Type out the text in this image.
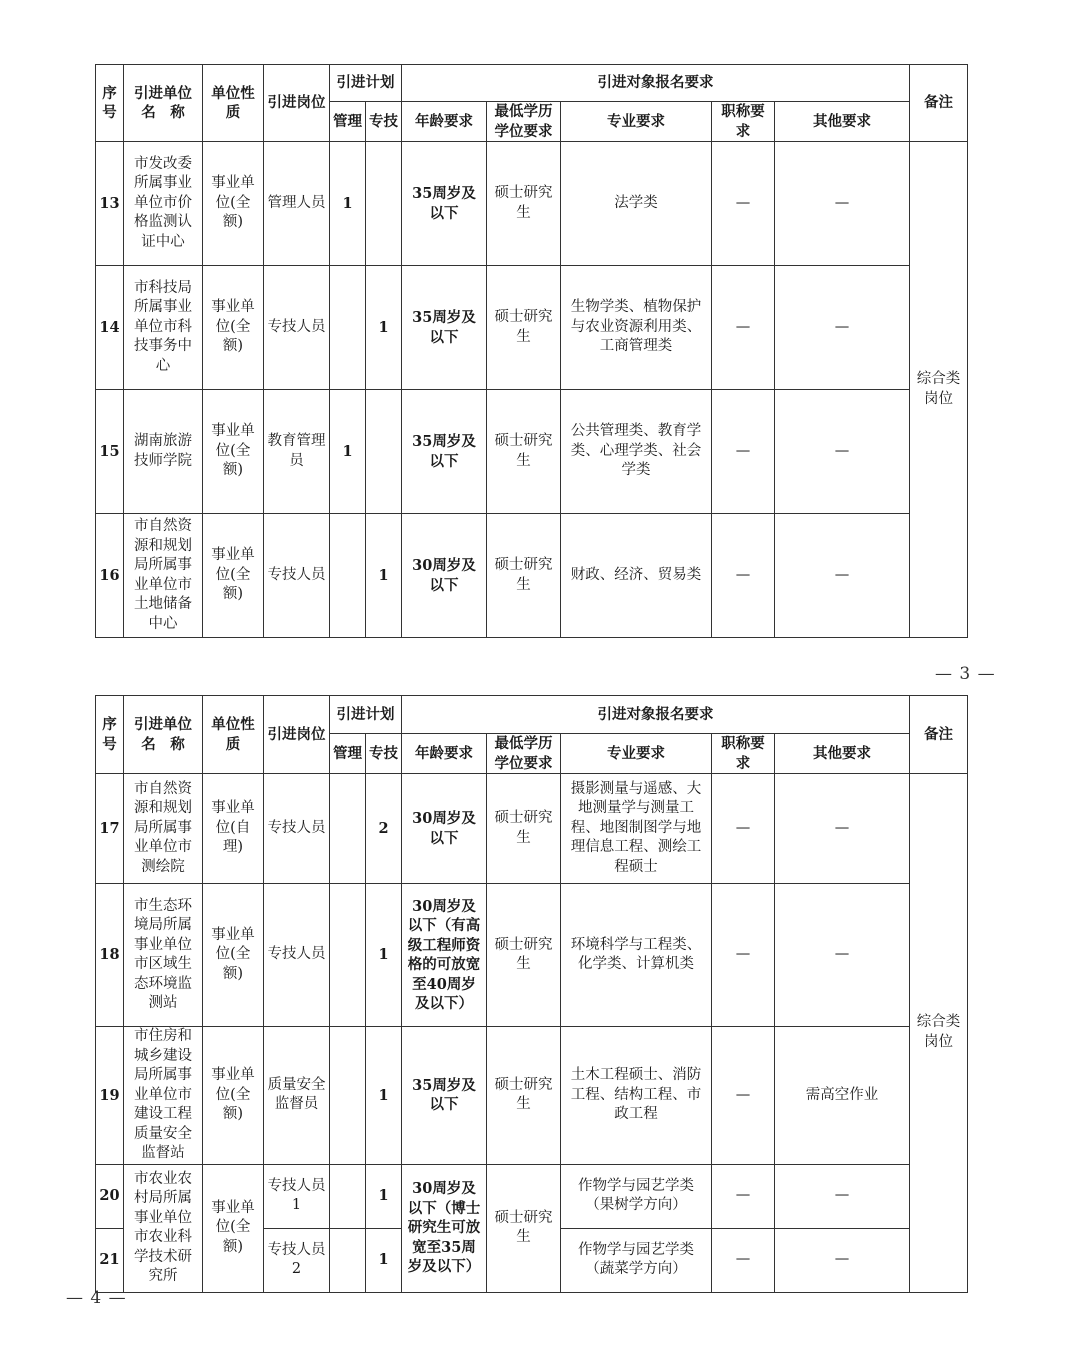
序号	引进单位名　称	单位性质	引进岗位	引进计划		引进对象报名要求					备注
				管理	专技	年龄要求	最低学历学位要求	专业要求	职称要求	其他要求	
13	市发改委所属事业单位市价格监测认证中心	事业单位(全额)	管理人员	1		35周岁及以下	硕士研究生	法学类	—	—	综合类岗位
14	市科技局所属事业单位市科技事务中心	事业单位(全额)	专技人员		1	35周岁及以下	硕士研究生	生物学类、植物保护与农业资源利用类、工商管理类	—	—	
15	湖南旅游技师学院	事业单位(全额)	教育管理员	1		35周岁及以下	硕士研究生	公共管理类、教育学类、心理学类、社会学类	—	—	
16	市自然资源和规划局所属事业单位市土地储备中心	事业单位(全额)	专技人员		1	30周岁及以下	硕士研究生	财政、经济、贸易类	—	—	
— 3 —
序号	引进单位名　称	单位性质	引进岗位	引进计划		引进对象报名要求					备注
				管理	专技	年龄要求	最低学历学位要求	专业要求	职称要求	其他要求	
17	市自然资源和规划局所属事业单位市测绘院	事业单位(自理)	专技人员		2	30周岁及以下	硕士研究生	摄影测量与遥感、大地测量学与测量工程、地图制图学与地理信息工程、测绘工程硕士	—	—	综合类岗位
18	市生态环境局所属事业单位市区域生态环境监测站	事业单位(全额)	专技人员		1	30周岁及以下（有高级工程师资格的可放宽至40周岁及以下）	硕士研究生	环境科学与工程类、化学类、计算机类	—	—	
19	市住房和城乡建设局所属事业单位市建设工程质量安全监督站	事业单位(全额)	质量安全监督员		1	35周岁及以下	硕士研究生	土木工程硕士、消防工程、结构工程、市政工程	—	需高空作业	
20	市农业农村局所属事业单位市农业科学技术研究所	事业单位(全额)	专技人员1		1	30周岁及以下（博士研究生可放宽至35周岁及以下）	硕士研究生	作物学与园艺学类（果树学方向）	—	—	
21			专技人员2		1			作物学与园艺学类（蔬菜学方向）	—	—	
— 4 —
